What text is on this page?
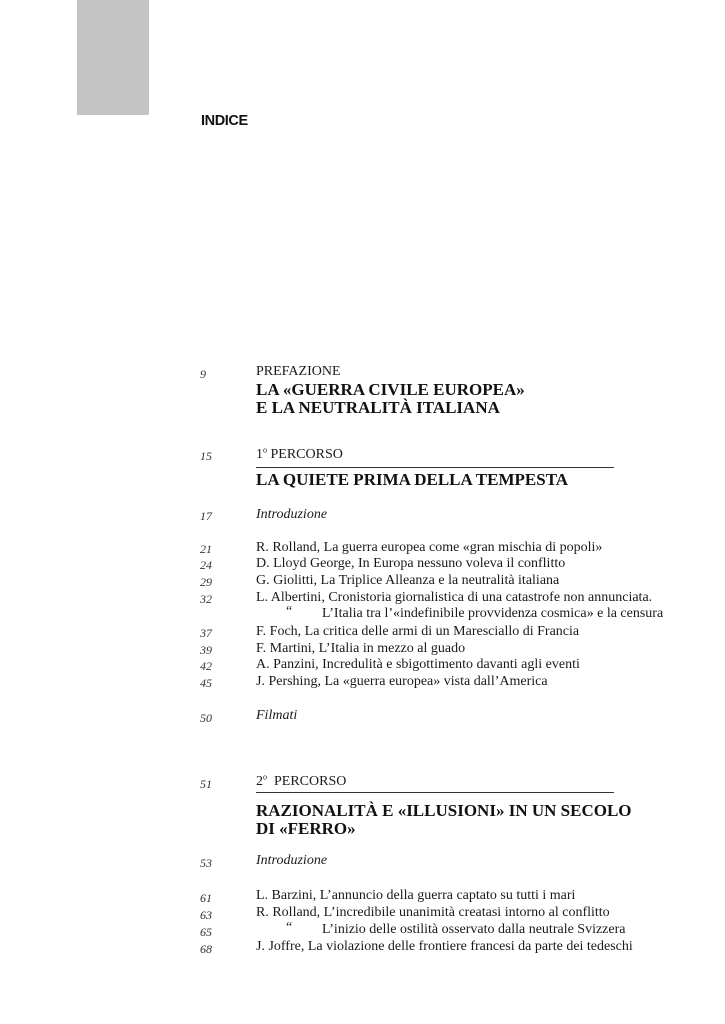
INDICE
9	PREFAZIONE
LA «GUERRA CIVILE EUROPEA»
E LA NEUTRALITÀ ITALIANA
15	1$^o$ PERCORSO
LA QUIETE PRIMA DELLA TEMPESTA
17	Introduzione
21	R. Rolland, La guerra europea come «gran mischia di popoli»
24	D. Lloyd George, In Europa nessuno voleva il conflitto
29	G. Giolitti, La Triplice Alleanza e la neutralità italiana
32	L. Albertini, Cronistoria giornalistica di una catastrofe non annunciata.
“ L’Italia tra l’«indefinibile provvidenza cosmica» e la censura
37	F. Foch, La critica delle armi di un Maresciallo di Francia
39	F. Martini, L’Italia in mezzo al guado
42	A. Panzini, Incredulità e sbigottimento davanti agli eventi
45	J. Pershing, La «guerra europea» vista dall’America
50	Filmati
51	2$^o$ PERCORSO
RAZIONALITÀ E «ILLUSIONI» IN UN SECOLO
DI «FERRO»
53	Introduzione
61	L. Barzini, L’annuncio della guerra captato su tutti i mari
63	R. Rolland, L’incredibile unanimità creatasi intorno al conflitto
65	“ L’inizio delle ostilità osservato dalla neutrale Svizzera
68	J. Joffre, La violazione delle frontiere francesi da parte dei tedeschi
